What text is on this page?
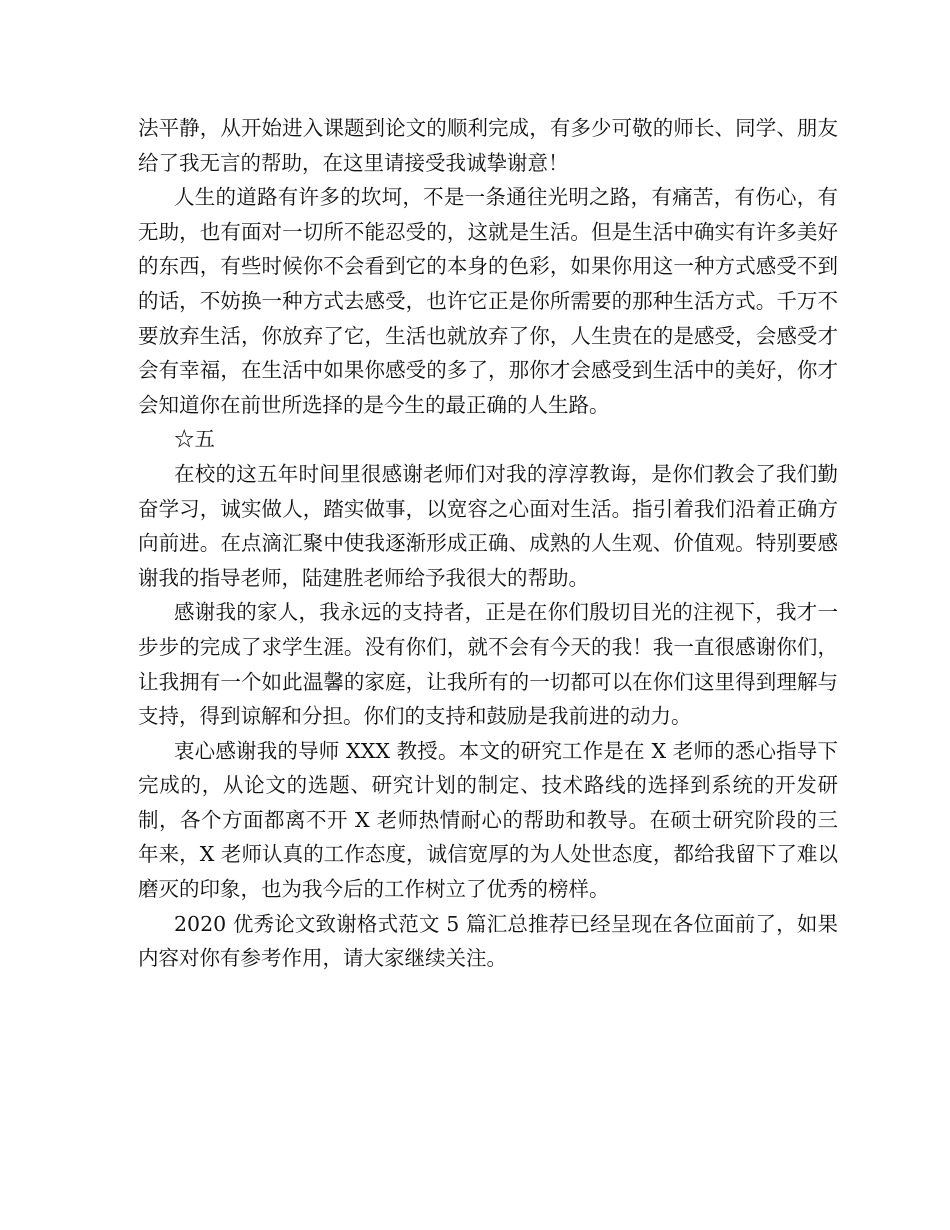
法平静，从开始进入课题到论文的顺利完成，有多少可敬的师长、同学、朋友给了我无言的帮助，在这里请接受我诚挚谢意！

人生的道路有许多的坎坷，不是一条通往光明之路，有痛苦，有伤心，有无助，也有面对一切所不能忍受的，这就是生活。但是生活中确实有许多美好的东西，有些时候你不会看到它的本身的色彩，如果你用这一种方式感受不到的话，不妨换一种方式去感受，也许它正是你所需要的那种生活方式。千万不要放弃生活，你放弃了它，生活也就放弃了你，人生贵在的是感受，会感受才会有幸福，在生活中如果你感受的多了，那你才会感受到生活中的美好，你才会知道你在前世所选择的是今生的最正确的人生路。

☆五

在校的这五年时间里很感谢老师们对我的淳淳教诲，是你们教会了我们勤奋学习，诚实做人，踏实做事，以宽容之心面对生活。指引着我们沿着正确方向前进。在点滴汇聚中使我逐渐形成正确、成熟的人生观、价值观。特别要感谢我的指导老师，陆建胜老师给予我很大的帮助。

感谢我的家人，我永远的支持者，正是在你们殷切目光的注视下，我才一步步的完成了求学生涯。没有你们，就不会有今天的我！我一直很感谢你们，让我拥有一个如此温馨的家庭，让我所有的一切都可以在你们这里得到理解与支持，得到谅解和分担。你们的支持和鼓励是我前进的动力。

衷心感谢我的导师 XXX 教授。本文的研究工作是在 X 老师的悉心指导下完成的，从论文的选题、研究计划的制定、技术路线的选择到系统的开发研制，各个方面都离不开 X 老师热情耐心的帮助和教导。在硕士研究阶段的三年来，X 老师认真的工作态度，诚信宽厚的为人处世态度，都给我留下了难以磨灭的印象，也为我今后的工作树立了优秀的榜样。

2020 优秀论文致谢格式范文 5 篇汇总推荐已经呈现在各位面前了，如果内容对你有参考作用，请大家继续关注。
